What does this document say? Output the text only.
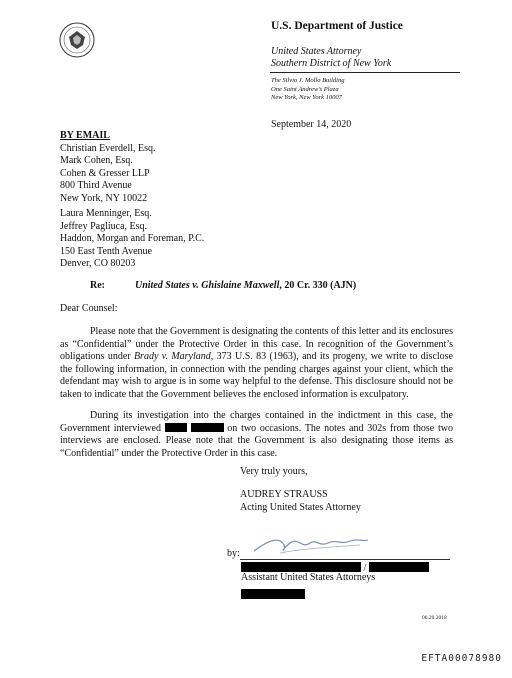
U.S. Department of Justice
United States Attorney
Southern District of New York
The Silvio J. Mollo Building
One Saint Andrew’s Plaza
New York, New York 10007
September 14, 2020
BY EMAIL
Christian Everdell, Esq.
Mark Cohen, Esq.
Cohen & Gresser LLP
800 Third Avenue
New York, NY 10022
Laura Menninger, Esq.
Jeffrey Pagliuca, Esq.
Haddon, Morgan and Foreman, P.C.
150 East Tenth Avenue
Denver, CO 80203
Re:	United States v. Ghislaine Maxwell, 20 Cr. 330 (AJN)
Dear Counsel:

Please note that the Government is designating the contents of this letter and its enclosures as “Confidential” under the Protective Order in this case. In recognition of the Government’s obligations under Brady v. Maryland, 373 U.S. 83 (1963), and its progeny, we write to disclose the following information, in connection with the pending charges against your client, which the defendant may wish to argue is in some way helpful to the defense. This disclosure should not be taken to indicate that the Government believes the enclosed information is exculpatory.

During its investigation into the charges contained in the indictment in this case, the Government interviewed	on two occasions. The notes and 302s from those two interviews are enclosed. Please note that the Government is also designating those items as “Confidential” under the Protective Order in this case.

Very truly yours,
AUDREY STRAUSS
Acting United States Attorney
by:
/
Assistant United States Attorneys
06.20.2018
EFTA00078980
